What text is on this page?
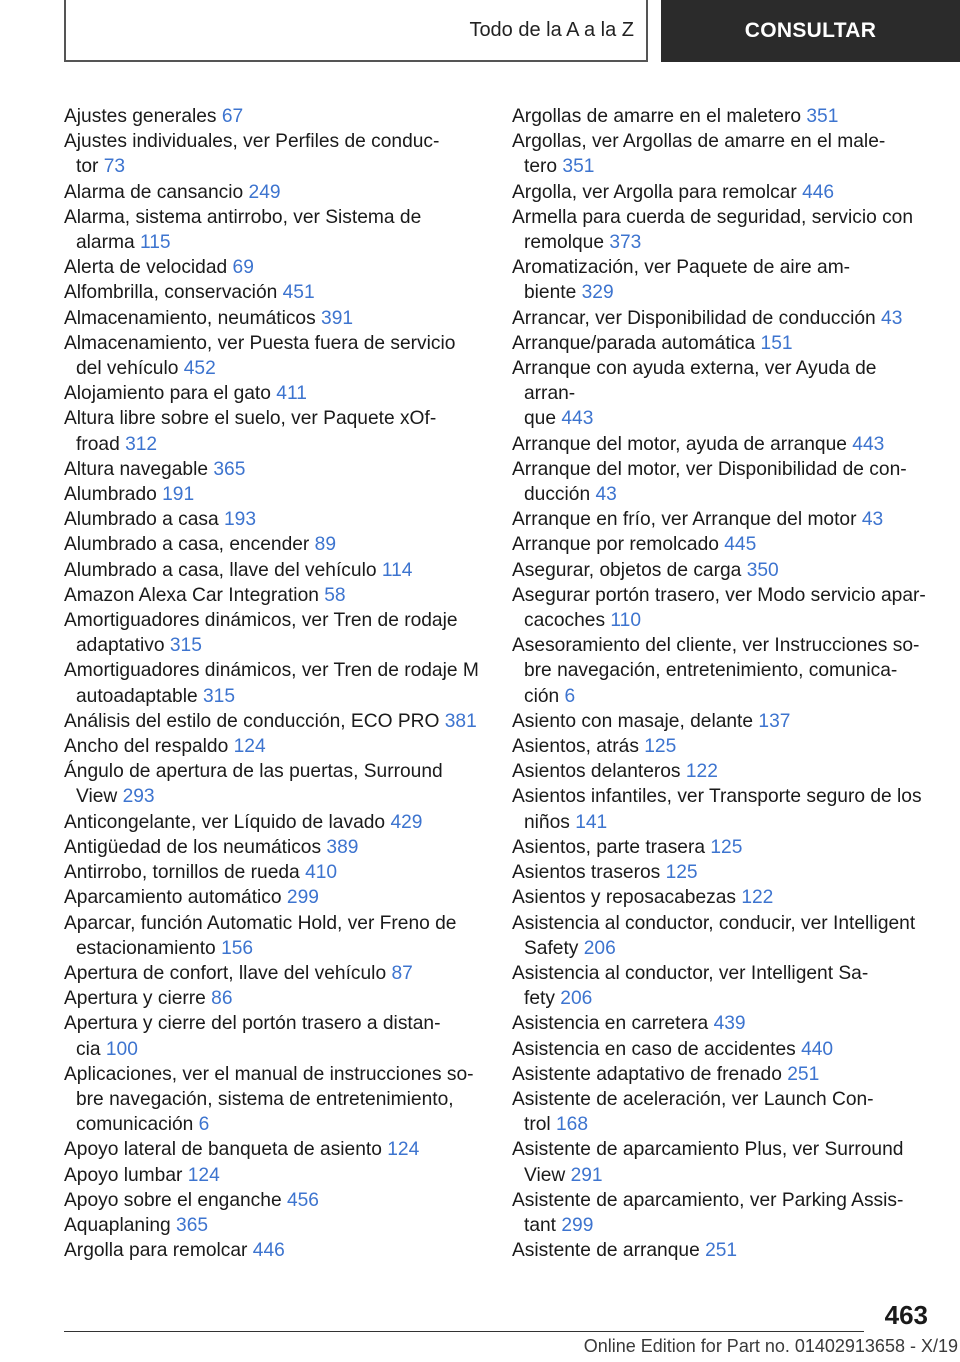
Todo de la A a la Z	CONSULTAR
Ajustes generales 67
Ajustes individuales, ver Perfiles de conduc-
tor 73
Alarma de cansancio 249
Alarma, sistema antirrobo, ver Sistema de
alarma 115
Alerta de velocidad 69
Alfombrilla, conservación 451
Almacenamiento, neumáticos 391
Almacenamiento, ver Puesta fuera de servicio
del vehículo 452
Alojamiento para el gato 411
Altura libre sobre el suelo, ver Paquete xOf-
froad 312
Altura navegable 365
Alumbrado 191
Alumbrado a casa 193
Alumbrado a casa, encender 89
Alumbrado a casa, llave del vehículo 114
Amazon Alexa Car Integration 58
Amortiguadores dinámicos, ver Tren de rodaje
adaptativo 315
Amortiguadores dinámicos, ver Tren de rodaje M
autoadaptable 315
Análisis del estilo de conducción, ECO PRO 381
Ancho del respaldo 124
Ángulo de apertura de las puertas, Surround
View 293
Anticongelante, ver Líquido de lavado 429
Antigüedad de los neumáticos 389
Antirrobo, tornillos de rueda 410
Aparcamiento automático 299
Aparcar, función Automatic Hold, ver Freno de
estacionamiento 156
Apertura de confort, llave del vehículo 87
Apertura y cierre 86
Apertura y cierre del portón trasero a distan-
cia 100
Aplicaciones, ver el manual de instrucciones so-
bre navegación, sistema de entretenimiento,
comunicación 6
Apoyo lateral de banqueta de asiento 124
Apoyo lumbar 124
Apoyo sobre el enganche 456
Aquaplaning 365
Argolla para remolcar 446
Argollas de amarre en el maletero 351
Argollas, ver Argollas de amarre en el male-
tero 351
Argolla, ver Argolla para remolcar 446
Armella para cuerda de seguridad, servicio con
remolque 373
Aromatización, ver Paquete de aire am-
biente 329
Arrancar, ver Disponibilidad de conducción 43
Arranque/parada automática 151
Arranque con ayuda externa, ver Ayuda de arran-
que 443
Arranque del motor, ayuda de arranque 443
Arranque del motor, ver Disponibilidad de con-
ducción 43
Arranque en frío, ver Arranque del motor 43
Arranque por remolcado 445
Asegurar, objetos de carga 350
Asegurar portón trasero, ver Modo servicio apar-
cacoches 110
Asesoramiento del cliente, ver Instrucciones so-
bre navegación, entretenimiento, comunica-
ción 6
Asiento con masaje, delante 137
Asientos, atrás 125
Asientos delanteros 122
Asientos infantiles, ver Transporte seguro de los
niños 141
Asientos, parte trasera 125
Asientos traseros 125
Asientos y reposacabezas 122
Asistencia al conductor, conducir, ver Intelligent
Safety 206
Asistencia al conductor, ver Intelligent Sa-
fety 206
Asistencia en carretera 439
Asistencia en caso de accidentes 440
Asistente adaptativo de frenado 251
Asistente de aceleración, ver Launch Con-
trol 168
Asistente de aparcamiento Plus, ver Surround
View 291
Asistente de aparcamiento, ver Parking Assis-
tant 299
Asistente de arranque 251
463
Online Edition for Part no. 01402913658 - X/19
